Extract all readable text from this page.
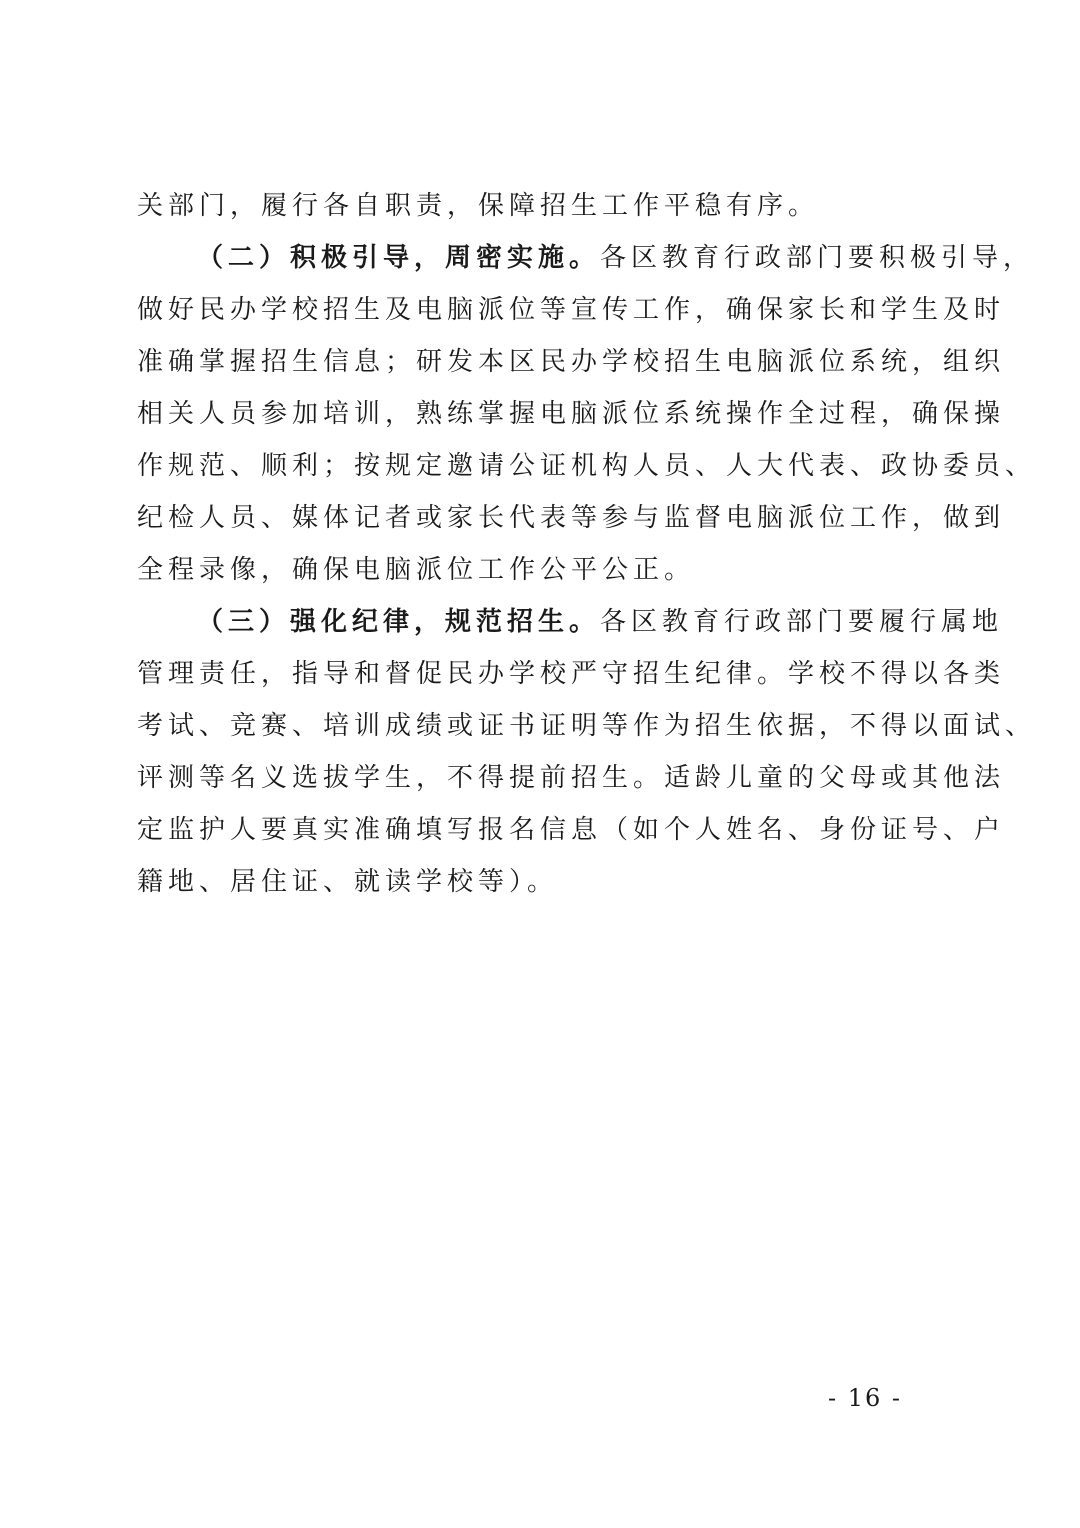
关部门，履行各自职责，保障招生工作平稳有序。
（二）积极引导，周密实施。各区教育行政部门要积极引导，
做好民办学校招生及电脑派位等宣传工作，确保家长和学生及时
准确掌握招生信息；研发本区民办学校招生电脑派位系统，组织
相关人员参加培训，熟练掌握电脑派位系统操作全过程，确保操
作规范、顺利；按规定邀请公证机构人员、人大代表、政协委员、
纪检人员、媒体记者或家长代表等参与监督电脑派位工作，做到
全程录像，确保电脑派位工作公平公正。
（三）强化纪律，规范招生。各区教育行政部门要履行属地
管理责任，指导和督促民办学校严守招生纪律。学校不得以各类
考试、竞赛、培训成绩或证书证明等作为招生依据，不得以面试、
评测等名义选拔学生，不得提前招生。适龄儿童的父母或其他法
定监护人要真实准确填写报名信息（如个人姓名、身份证号、户
籍地、居住证、就读学校等）。
- 16 -
